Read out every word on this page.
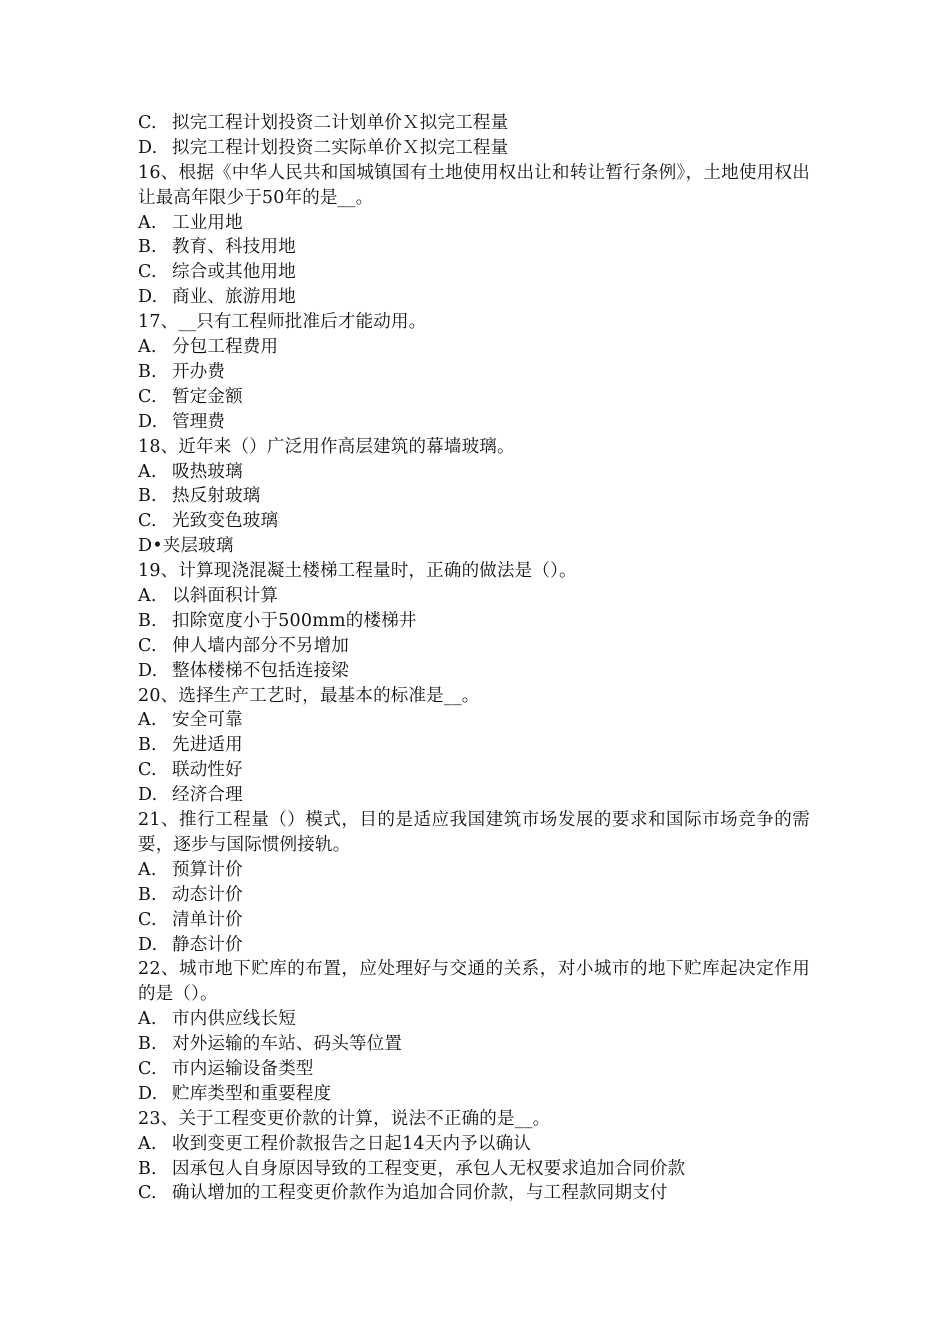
C. 拟完工程计划投资二计划单价Ｘ拟完工程量
D. 拟完工程计划投资二实际单价Ｘ拟完工程量
16、根据《中华人民共和国城镇国有土地使用权出让和转让暂行条例》，土地使用权出让最高年限少于50年的是__。
A. 工业用地
B. 教育、科技用地
C. 综合或其他用地
D. 商业、旅游用地
17、__只有工程师批准后才能动用。
A. 分包工程费用
B. 开办费
C. 暂定金额
D. 管理费
18、近年来（）广泛用作高层建筑的幕墙玻璃。
A. 吸热玻璃
B. 热反射玻璃
C. 光致变色玻璃
D•夹层玻璃
19、计算现浇混凝土楼梯工程量时，正确的做法是（）。
A. 以斜面积计算
B. 扣除宽度小于500mm的楼梯井
C. 伸人墙内部分不另增加
D. 整体楼梯不包括连接梁
20、选择生产工艺时，最基本的标准是__。
A. 安全可靠
B. 先进适用
C. 联动性好
D. 经济合理
21、推行工程量（）模式，目的是适应我国建筑市场发展的要求和国际市场竞争的需要，逐步与国际惯例接轨。
A. 预算计价
B. 动态计价
C. 清单计价
D. 静态计价
22、城市地下贮库的布置，应处理好与交通的关系，对小城市的地下贮库起决定作用的是（）。
A. 市内供应线长短
B. 对外运输的车站、码头等位置
C. 市内运输设备类型
D. 贮库类型和重要程度
23、关于工程变更价款的计算，说法不正确的是__。
A. 收到变更工程价款报告之日起14天内予以确认
B. 因承包人自身原因导致的工程变更，承包人无权要求追加合同价款
C. 确认增加的工程变更价款作为追加合同价款，与工程款同期支付
